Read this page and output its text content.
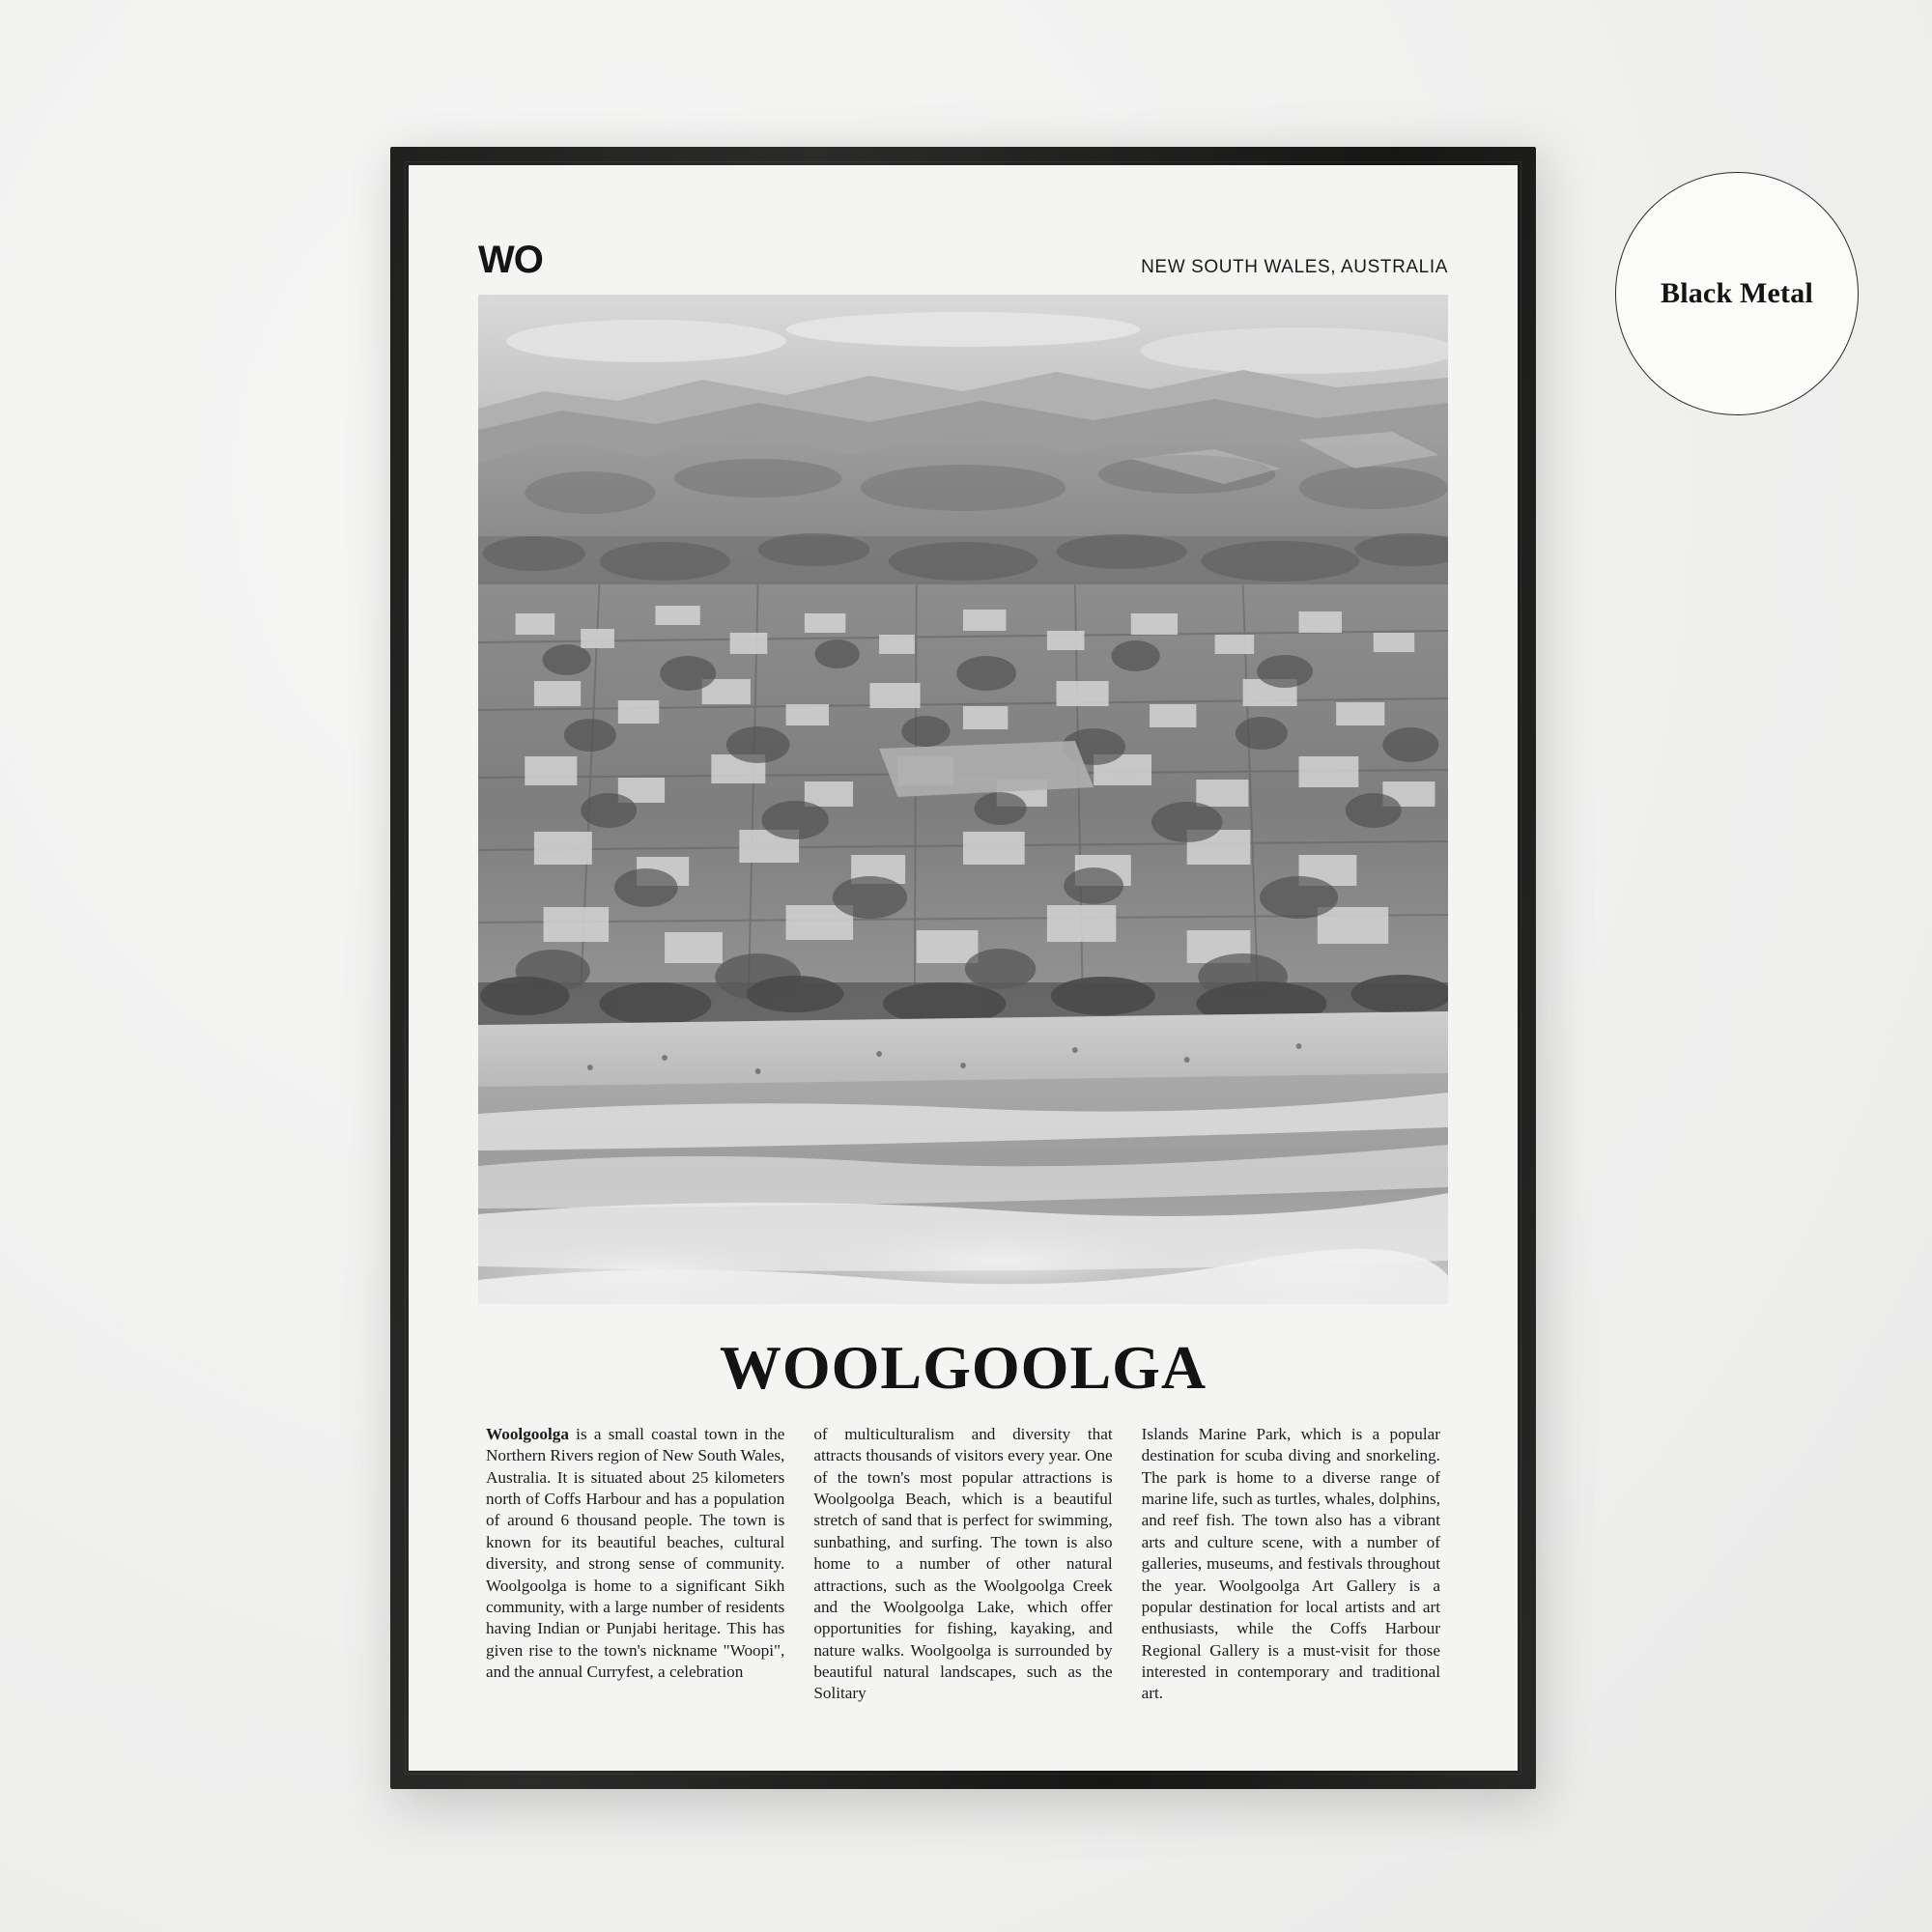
WO	NEW SOUTH WALES, AUSTRALIA
WOOLGOOLGA
Woolgoolga is a small coastal town in the Northern Rivers region of New South Wales, Australia. It is situated about 25 kilometers north of Coffs Harbour and has a population of around 6 thousand people. The town is known for its beautiful beaches, cultural diversity, and strong sense of community. Woolgoolga is home to a significant Sikh community, with a large number of residents having Indian or Punjabi heritage. This has given rise to the town's nickname "Woopi", and the annual Curryfest, a celebration
of multiculturalism and diversity that attracts thousands of visitors every year. One of the town's most popular attractions is Woolgoolga Beach, which is a beautiful stretch of sand that is perfect for swimming, sunbathing, and surfing. The town is also home to a number of other natural attractions, such as the Woolgoolga Creek and the Woolgoolga Lake, which offer opportunities for fishing, kayaking, and nature walks. Woolgoolga is surrounded by beautiful natural landscapes, such as the Solitary
Islands Marine Park, which is a popular destination for scuba diving and snorkeling. The park is home to a diverse range of marine life, such as turtles, whales, dolphins, and reef fish. The town also has a vibrant arts and culture scene, with a number of galleries, museums, and festivals throughout the year. Woolgoolga Art Gallery is a popular destination for local artists and art enthusiasts, while the Coffs Harbour Regional Gallery is a must-visit for those interested in contemporary and traditional art.
Black Metal
